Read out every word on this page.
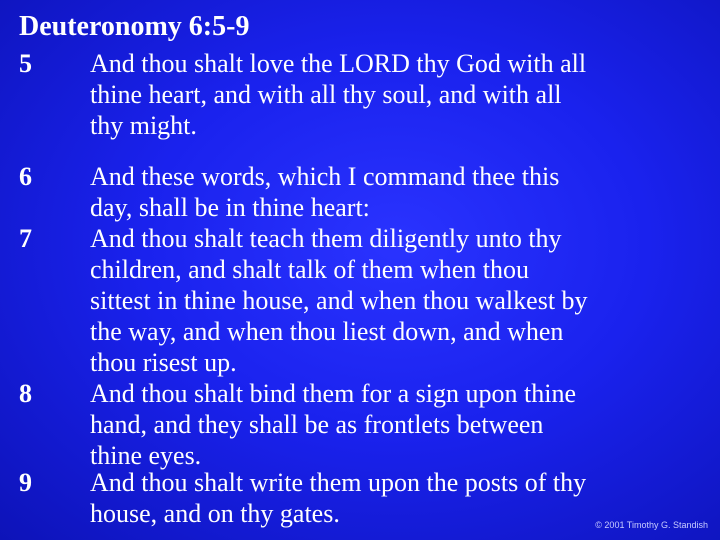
Deuteronomy 6:5-9
5 And thou shalt love the LORD thy God with all
thine heart, and with all thy soul, and with all
thy might.
6 And these words, which I command thee this
day, shall be in thine heart:
7 And thou shalt teach them diligently unto thy
children, and shalt talk of them when thou
sittest in thine house, and when thou walkest by
the way, and when thou liest down, and when
thou risest up.
8 And thou shalt bind them for a sign upon thine
hand, and they shall be as frontlets between
thine eyes.
9 And thou shalt write them upon the posts of thy
house, and on thy gates.	© 2001 Timothy G. Standish
